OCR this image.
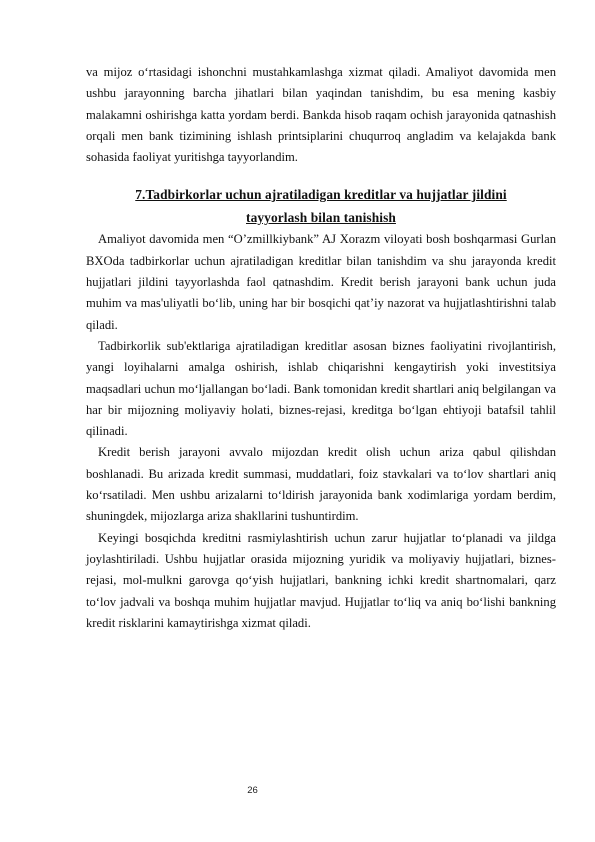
va mijoz o‘rtasidagi ishonchni mustahkamlashga xizmat qiladi. Amaliyot davomida men ushbu jarayonning barcha jihatlari bilan yaqindan tanishdim, bu esa mening kasbiy malakamni oshirishga katta yordam berdi. Bankda hisob raqam ochish jarayonida qatnashish orqali men bank tizimining ishlash printsiplarini chuqurroq angladim va kelajakda bank sohasida faoliyat yuritishga tayyorlandim.

7.Tadbirkorlar uchun ajratiladigan kreditlar va hujjatlar jildini
tayyorlash bilan tanishish

Amaliyot davomida men “O’zmillkiybank” AJ Xorazm viloyati bosh boshqarmasi Gurlan BXOda tadbirkorlar uchun ajratiladigan kreditlar bilan tanishdim va shu jarayonda kredit hujjatlari jildini tayyorlashda faol qatnashdim. Kredit berish jarayoni bank uchun juda muhim va mas'uliyatli bo‘lib, uning har bir bosqichi qat’iy nazorat va hujjatlashtirishni talab qiladi.

Tadbirkorlik sub'ektlariga ajratiladigan kreditlar asosan biznes faoliyatini rivojlantirish, yangi loyihalarni amalga oshirish, ishlab chiqarishni kengaytirish yoki investitsiya maqsadlari uchun mo‘ljallangan bo‘ladi. Bank tomonidan kredit shartlari aniq belgilangan va har bir mijozning moliyaviy holati, biznes-rejasi, kreditga bo‘lgan ehtiyoji batafsil tahlil qilinadi.

Kredit berish jarayoni avvalo mijozdan kredit olish uchun ariza qabul qilishdan boshlanadi. Bu arizada kredit summasi, muddatlari, foiz stavkalari va to‘lov shartlari aniq ko‘rsatiladi. Men ushbu arizalarni to‘ldirish jarayonida bank xodimlariga yordam berdim, shuningdek, mijozlarga ariza shakllarini tushuntirdim.

Keyingi bosqichda kreditni rasmiylashtirish uchun zarur hujjatlar to‘planadi va jildga joylashtiriladi. Ushbu hujjatlar orasida mijozning yuridik va moliyaviy hujjatlari, biznes-rejasi, mol-mulkni garovga qo‘yish hujjatlari, bankning ichki kredit shartnomalari, qarz to‘lov jadvali va boshqa muhim hujjatlar mavjud. Hujjatlar to‘liq va aniq bo‘lishi bankning kredit risklarini kamaytirishga xizmat qiladi.

26
